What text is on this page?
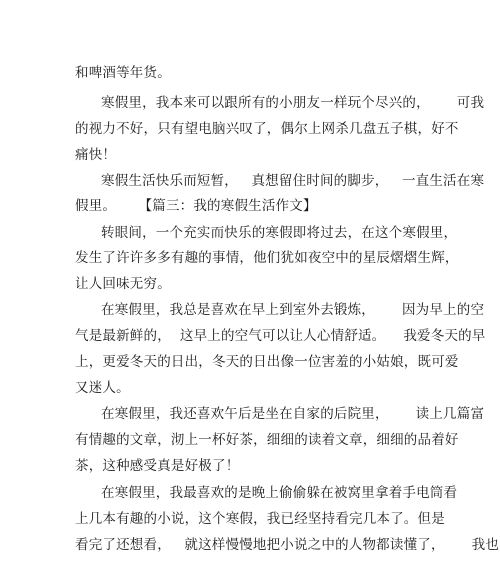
和啤酒等年货。
寒假里，我本来可以跟所有的小朋友一样玩个尽兴的，      可我
的视力不好，只有望电脑兴叹了，偶尔上网杀几盘五子棋，好不
痛快！
寒假生活快乐而短暂，   真想留住时间的脚步，   一直生活在寒
假里。     【篇三：我的寒假生活作文】
转眼间，一个充实而快乐的寒假即将过去，在这个寒假里，
发生了许许多多有趣的事情，他们犹如夜空中的星辰熠熠生辉，
让人回味无穷。
在寒假里，我总是喜欢在早上到室外去锻炼，      因为早上的空
气是最新鲜的，  这早上的空气可以让人心情舒适。    我爱冬天的早
上，更爱冬天的日出，冬天的日出像一位害羞的小姑娘，既可爱
又迷人。
在寒假里，我还喜欢午后是坐在自家的后院里，      读上几篇富
有情趣的文章，沏上一杯好茶，细细的读着文章，细细的品着好
茶，这种感受真是好极了！
在寒假里，我最喜欢的是晚上偷偷躲在被窝里拿着手电筒看
上几本有趣的小说，这个寒假，我已经坚持看完几本了。但是
看完了还想看，   就这样慢慢地把小说之中的人物都读懂了，      我也
